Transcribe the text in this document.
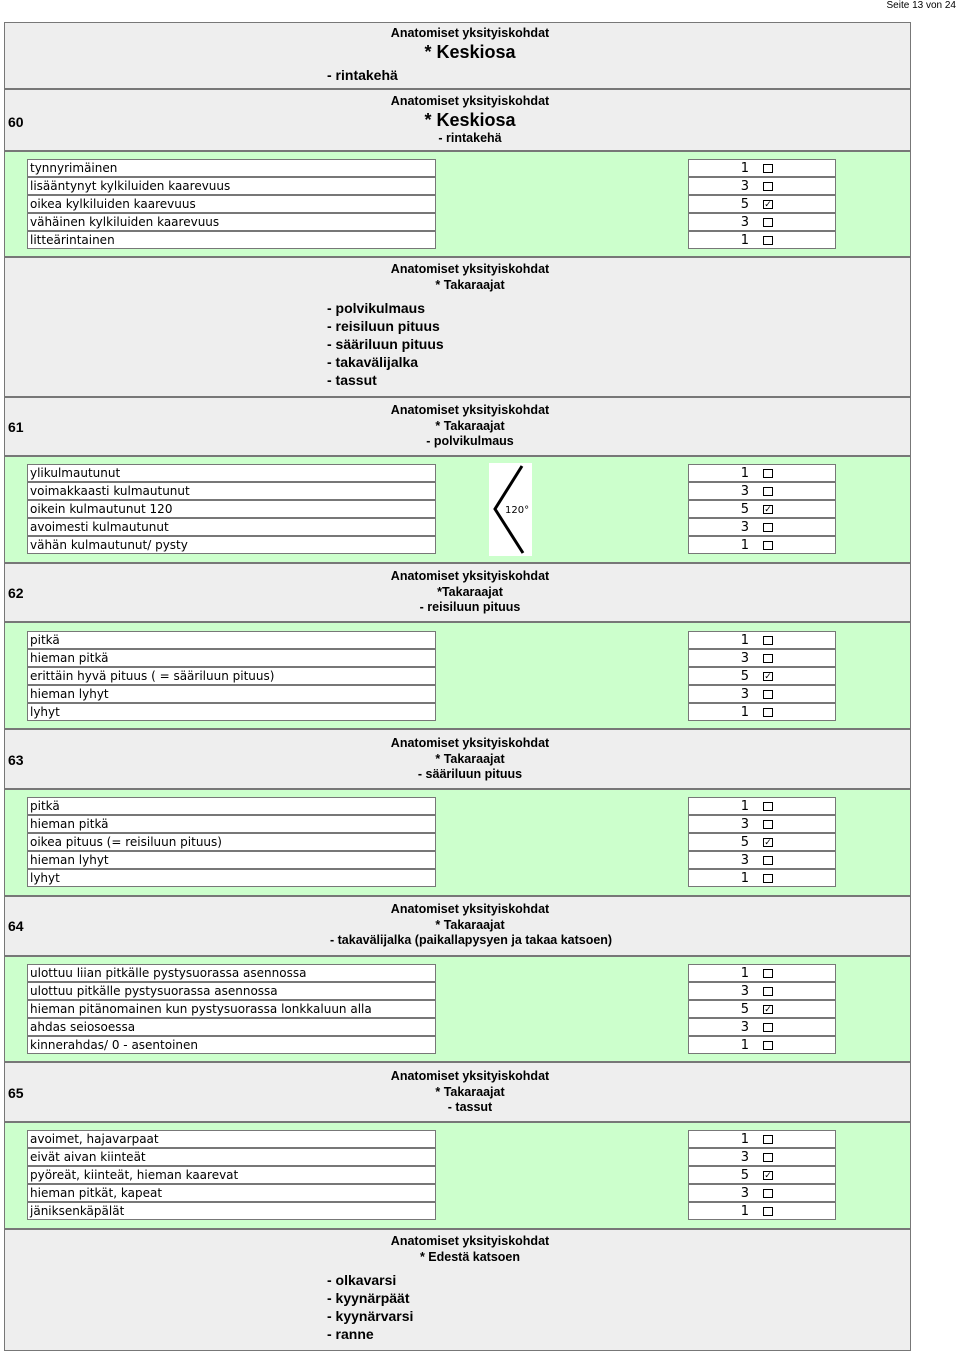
Seite 13 von 24
Anatomiset yksityiskohdat
* Keskiosa
- rintakehä
60
Anatomiset yksityiskohdat
* Keskiosa
- rintakehä
tynnyrimäinen
lisääntynyt kylkiluiden kaarevuus
oikea kylkiluiden kaarevuus
vähäinen kylkiluiden kaarevuus
litteärintainen
1
3
5 ✓
3
1
Anatomiset yksityiskohdat
* Takaraajat
- polvikulmaus
- reisiluun pituus
- sääriluun pituus
- takavälijalka
- tassut
61
Anatomiset yksityiskohdat
* Takaraajat
- polvikulmaus
ylikulmautunut
voimakkaasti kulmautunut
oikein kulmautunut 120
avoimesti kulmautunut
vähän kulmautunut/ pysty
120°
1
3
5 ✓
3
1
62
Anatomiset yksityiskohdat
*Takaraajat
- reisiluun pituus
pitkä
hieman pitkä
erittäin hyvä pituus ( = sääriluun pituus)
hieman lyhyt
lyhyt
1
3
5 ✓
3
1
63
Anatomiset yksityiskohdat
* Takaraajat
- sääriluun pituus
pitkä
hieman pitkä
oikea pituus (= reisiluun pituus)
hieman lyhyt
lyhyt
1
3
5 ✓
3
1
64
Anatomiset yksityiskohdat
* Takaraajat
- takavälijalka (paikallapysyen ja takaa katsoen)
ulottuu liian pitkälle pystysuorassa asennossa
ulottuu pitkälle pystysuorassa asennossa
hieman pitänomainen kun pystysuorassa lonkkaluun alla
ahdas seiosoessa
kinnerahdas/ 0 - asentoinen
1
3
5 ✓
3
1
65
Anatomiset yksityiskohdat
* Takaraajat
- tassut
avoimet, hajavarpaat
eivät aivan kiinteät
pyöreät, kiinteät, hieman kaarevat
hieman pitkät, kapeat
jäniksenkäpälät
1
3
5 ✓
3
1
Anatomiset yksityiskohdat
* Edestä katsoen
- olkavarsi
- kyynärpäät
- kyynärvarsi
- ranne
